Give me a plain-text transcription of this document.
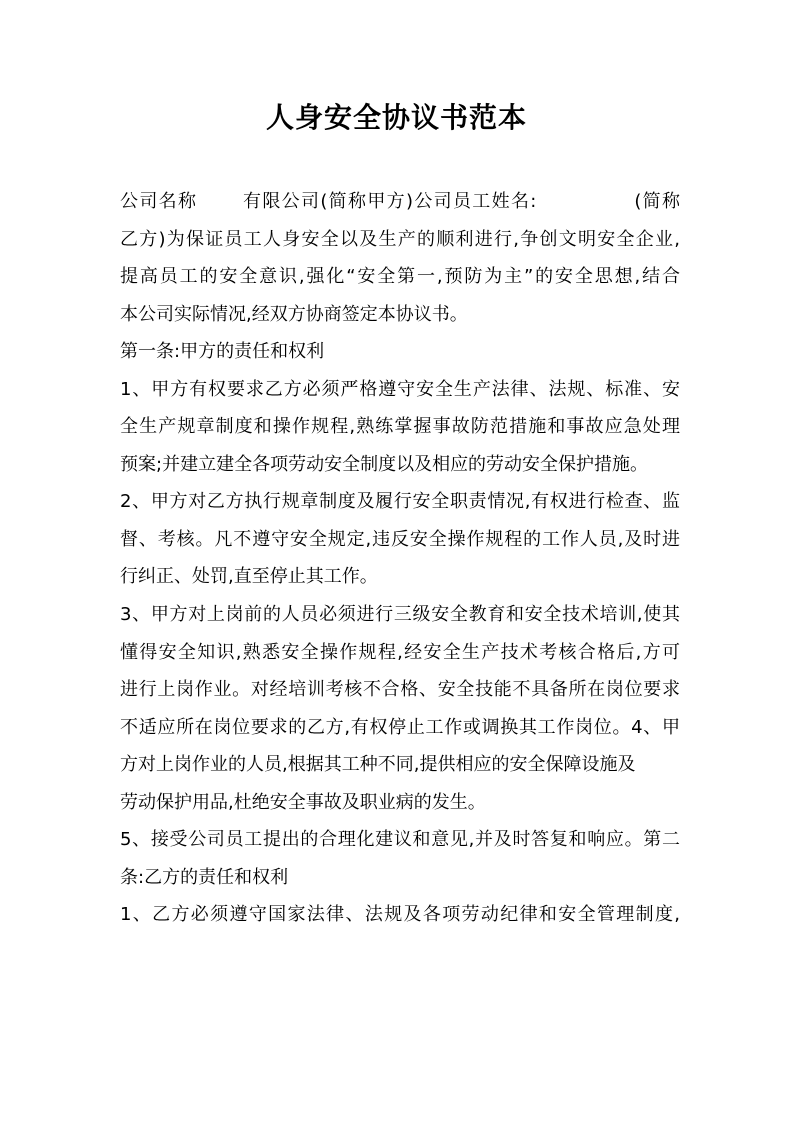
人身安全协议书范本
公司名称　　 有限公司(简称甲方)公司员工姓名:　　　　　(简称
乙方)为保证员工人身安全以及生产的顺利进行,争创文明安全企业,
提高员工的安全意识,强化“安全第一,预防为主”的安全思想,结合
本公司实际情况,经双方协商签定本协议书。
第一条:甲方的责任和权利
1、甲方有权要求乙方必须严格遵守安全生产法律、法规、标准、安
全生产规章制度和操作规程,熟练掌握事故防范措施和事故应急处理
预案;并建立建全各项劳动安全制度以及相应的劳动安全保护措施。
2、甲方对乙方执行规章制度及履行安全职责情况,有权进行检查、监
督、考核。凡不遵守安全规定,违反安全操作规程的工作人员,及时进
行纠正、处罚,直至停止其工作。
3、甲方对上岗前的人员必须进行三级安全教育和安全技术培训,使其
懂得安全知识,熟悉安全操作规程,经安全生产技术考核合格后,方可
进行上岗作业。对经培训考核不合格、安全技能不具备所在岗位要求
不适应所在岗位要求的乙方,有权停止工作或调换其工作岗位。4、甲
方对上岗作业的人员,根据其工种不同,提供相应的安全保障设施及
劳动保护用品,杜绝安全事故及职业病的发生。
5、接受公司员工提出的合理化建议和意见,并及时答复和响应。第二
条:乙方的责任和权利
1、乙方必须遵守国家法律、法规及各项劳动纪律和安全管理制度,
